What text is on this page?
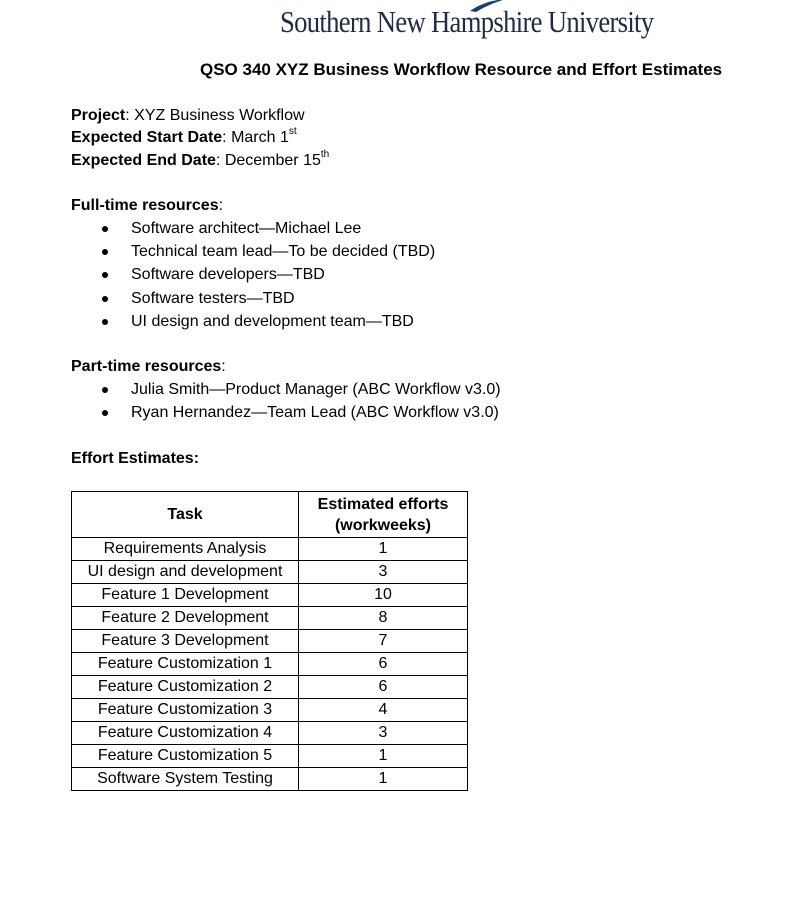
Southern New Hampshire University
QSO 340 XYZ Business Workflow Resource and Effort Estimates
Project: XYZ Business Workflow
Expected Start Date: March 1st
Expected End Date: December 15th
Full-time resources:
Software architect—Michael Lee
Technical team lead—To be decided (TBD)
Software developers—TBD
Software testers—TBD
UI design and development team—TBD
Part-time resources:
Julia Smith—Product Manager (ABC Workflow v3.0)
Ryan Hernandez—Team Lead (ABC Workflow v3.0)
Effort Estimates:
Task	Estimated efforts
(workweeks)
Requirements Analysis	1
UI design and development	3
Feature 1 Development	10
Feature 2 Development	8
Feature 3 Development	7
Feature Customization 1	6
Feature Customization 2	6
Feature Customization 3	4
Feature Customization 4	3
Feature Customization 5	1
Software System Testing	1
